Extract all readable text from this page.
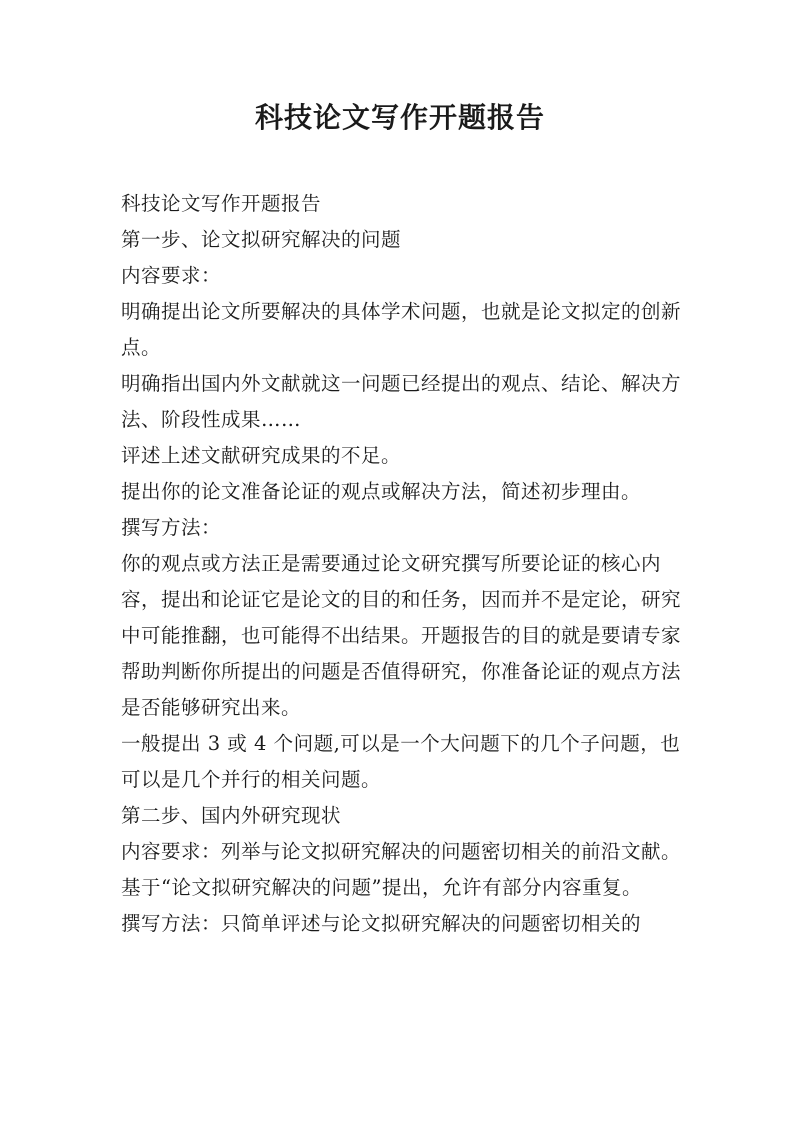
科技论文写作开题报告

科技论文写作开题报告

第一步、论文拟研究解决的问题

内容要求：

明确提出论文所要解决的具体学术问题，也就是论文拟定的创新点。

明确指出国内外文献就这一问题已经提出的观点、结论、解决方法、阶段性成果……

评述上述文献研究成果的不足。

提出你的论文准备论证的观点或解决方法，简述初步理由。

撰写方法：

你的观点或方法正是需要通过论文研究撰写所要论证的核心内容，提出和论证它是论文的目的和任务，因而并不是定论，研究中可能推翻，也可能得不出结果。开题报告的目的就是要请专家帮助判断你所提出的问题是否值得研究，你准备论证的观点方法是否能够研究出来。

一般提出 3 或 4 个问题,可以是一个大问题下的几个子问题，也可以是几个并行的相关问题。

第二步、国内外研究现状

内容要求：列举与论文拟研究解决的问题密切相关的前沿文献。基于“论文拟研究解决的问题”提出，允许有部分内容重复。

撰写方法：只简单评述与论文拟研究解决的问题密切相关的
